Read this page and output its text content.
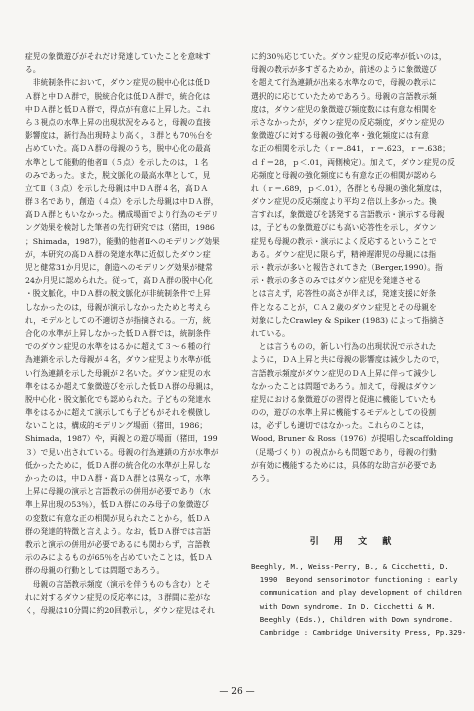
症児の象徴遊びがそれだけ発達していたことを意味す
る。
　非統制条件において，ダウン症児の脱中心化は低Ｄ
Ａ群と中ＤＡ群で，脱統合化は低ＤＡ群で，統合化は
中ＤＡ群と低ＤＡ群で，得点が有意に上昇した。これ
ら３視点の水準上昇の出現状況をみると，母親の直接
影響度は，新行為出現時より高く，３群とも70％台を
占めていた。高ＤＡ群の母親のうち，脱中心化の最高
水準として能動的他者Ⅱ（５点）を示したのは，１名
のみであった。また，脱文脈化の最高水準として，見
立てⅡ（３点）を示した母親は中ＤＡ群４名，高ＤＡ
群３名であり，創造（４点）を示した母親は中ＤＡ群，
高ＤＡ群ともいなかった。構成場面でより行為のモデリ
ング効果を検討した筆者の先行研究では（猪田，1986
；Shimada，1987），能動的他者Ⅱへのモデリング効果
が，本研究の高ＤＡ群の発達水準に近似したダウン症
児と健常31か月児に，創造へのモデリング効果が健常
24か月児に認められた。従って，高ＤＡ群の脱中心化
・脱文脈化，中ＤＡ群の脱文脈化が非統制条件で上昇
しなかったのは，母親が演示しなかったためと考えら
れ，モデルとしての不適切さが指摘される。一方，統
合化の水準が上昇しなかった低ＤＡ群では，統制条件
でのダウン症児の水準をはるかに超えて３～６種の行
為連鎖を示した母親が４名，ダウン症児より水準が低
い行為連鎖を示した母親が２名いた。ダウン症児の水
準をはるか超えて象徴遊びを示した低ＤＡ群の母親は，
脱中心化・脱文脈化でも認められた。子どもの発達水
準をはるかに超えて演示しても子どもがそれを模倣し
ないことは，構成的モデリング場面（猪田，1986；
Shimada，1987）や，両親との遊び場面（猪田，199
３）で見い出されている。母親の行為連鎖の方が水準が
低かったために，低ＤＡ群の統合化の水準が上昇しな
かったのは，中ＤＡ群・高ＤＡ群とは異なって，水準
上昇に母親の演示と言語教示の併用が必要であり（水
準上昇出現の53％），低ＤＡ群にのみ母子の象徴遊び
の変数に有意な正の相関が見られたことから，低ＤＡ
群の発達的特徴と言えよう。なお，低ＤＡ群では言語
教示と演示の併用が必要であるにも関わらず，言語教
示のみによるものが65％を占めていたことは，低ＤＡ
群の母親の行動としては問題であろう。
　母親の言語教示頻度（演示を伴うものも含む）とそ
れに対するダウン症児の反応率には，３群間に差がな
く，母親は10分間に約20回教示し，ダウン症児はそれ
に約30％応じていた。ダウン症児の反応率が低いのは，
母親の教示が多すぎるためか，前述のように象徴遊び
を超えて行為連鎖が出来る水準なので，母親の教示に
選択的に応じていたためであろう。母親の言語教示頻
度は，ダウン症児の象徴遊び頻度数には有意な相関を
示さなかったが，ダウン症児の反応頻度，ダウン症児の
象徴遊びに対する母親の強化率・強化頻度には有意
な正の相関を示した（ｒ＝.841，ｒ＝.623，ｒ＝.638；
ｄｆ＝28，ｐ＜.01，両側検定）。加えて，ダウン症児の反
応頻度と母親の強化頻度にも有意な正の相関が認めら
れ（ｒ＝.689，ｐ＜.01），各群とも母親の強化頻度は，
ダウン症児の反応頻度より平均２倍以上多かった。換
言すれば，象徴遊びを誘発する言語教示・演示する母親
は，子どもの象徴遊びにも高い応答性を示し，ダウン
症児も母親の教示・演示によく反応するということで
ある。ダウン症児に限らず，精神遅滞児の母親には指
示・教示が多いと報告されてきた（Berger,1990）。指
示・教示の多さのみではダウン症児を発達させる
とは言えず，応答性の高さが伴えば，発達支援に好条
件となることが，ＣＡ２歳のダウン症児とその母親を
対象にしたCrawley & Spiker (1983) によって指摘さ
れている。
　とは言うものの，新しい行為の出現状況で示された
ように，ＤＡ上昇と共に母親の影響度は減少したので，
言語教示頻度がダウン症児のＤＡ上昇に伴って減少し
なかったことは問題であろう。加えて，母親はダウン
症児における象徴遊びの習得と促進に機能していたも
のの，遊びの水準上昇に機能するモデルとしての役割
は，必ずしも適切ではなかった。これらのことは，
Wood, Bruner & Ross（1976）が提唱したscaffolding
（足場づくり）の視点からも問題であり，母親の行動
が有効に機能するためには，具体的な助言が必要であ
ろう。
引 用 文 献
Beeghly, M., Weiss-Perry, B., & Cicchetti, D.
1990  Beyond sensorimotor functioning : early
communication and play development of children
with Down syndrome. In D. Cicchetti & M.
Beeghly (Eds.), Children with Down syndrome.
Cambridge : Cambridge University Press, Pp.329-
— 26 —
